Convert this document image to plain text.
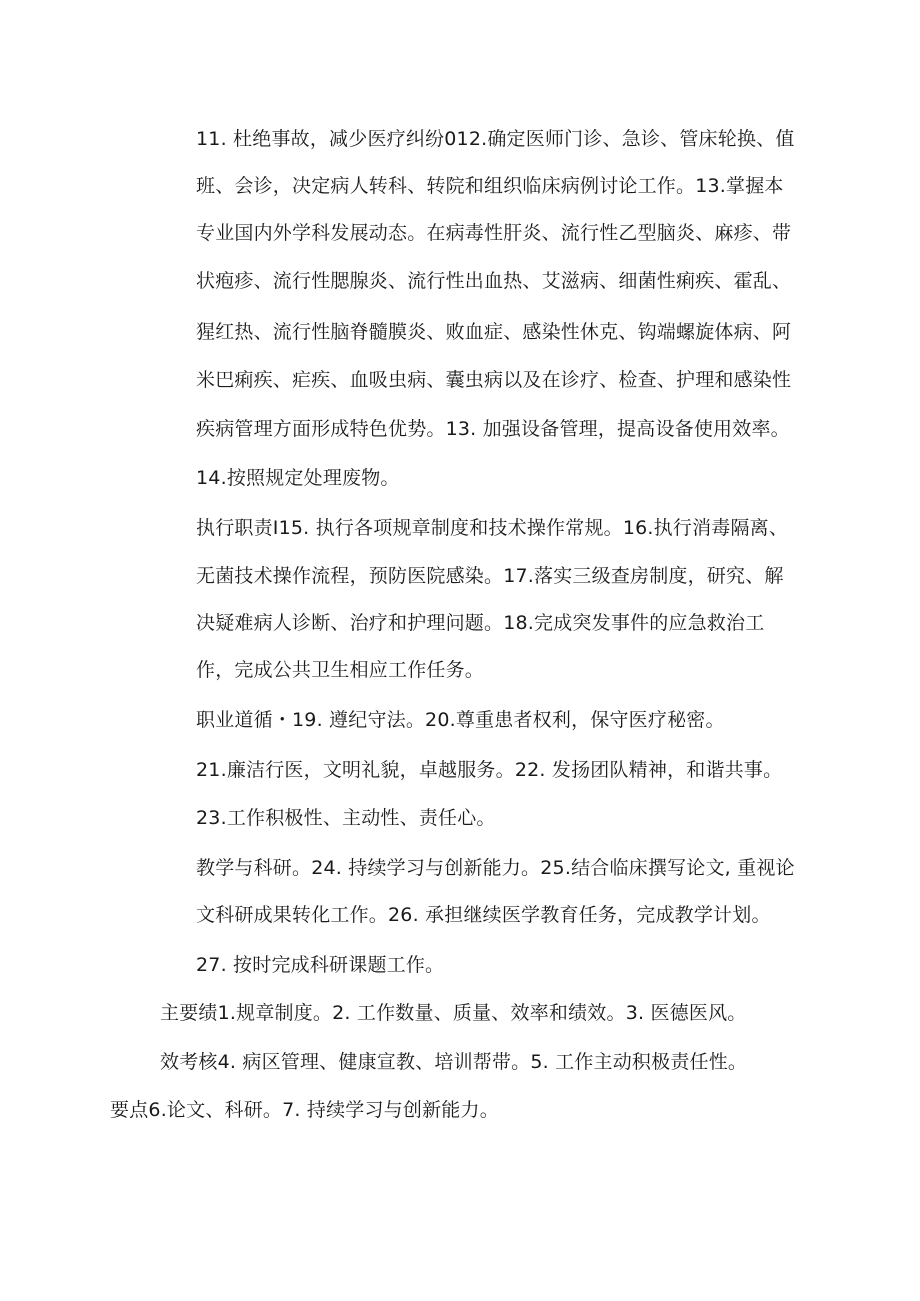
11. 杜绝事故，减少医疗纠纷012.确定医师门诊、急诊、管床轮换、值
班、会诊，决定病人转科、转院和组织临床病例讨论工作。13.掌握本
专业国内外学科发展动态。在病毒性肝炎、流行性乙型脑炎、麻疹、带
状疱疹、流行性腮腺炎、流行性出血热、艾滋病、细菌性痢疾、霍乱、
猩红热、流行性脑脊髓膜炎、败血症、感染性休克、钩端螺旋体病、阿
米巴痢疾、疟疾、血吸虫病、囊虫病以及在诊疗、检查、护理和感染性
疾病管理方面形成特色优势。13. 加强设备管理，提高设备使用效率。
14.按照规定处理废物。
执行职责I15. 执行各项规章制度和技术操作常规。16.执行消毒隔离、
无菌技术操作流程，预防医院感染。17.落实三级查房制度，研究、解
决疑难病人诊断、治疗和护理问题。18.完成突发事件的应急救治工
作，完成公共卫生相应工作任务。
职业道循・19. 遵纪守法。20.尊重患者权利，保守医疗秘密。
21.廉洁行医，文明礼貌，卓越服务。22. 发扬团队精神，和谐共事。
23.工作积极性、主动性、责任心。
教学与科研。24. 持续学习与创新能力。25.结合临床撰写论文, 重视论
文科研成果转化工作。26. 承担继续医学教育任务，完成教学计划。
27. 按时完成科研课题工作。
主要绩1.规章制度。2. 工作数量、质量、效率和绩效。3. 医德医风。
效考核4. 病区管理、健康宣教、培训帮带。5. 工作主动积极责任性。
要点6.论文、科研。7. 持续学习与创新能力。
